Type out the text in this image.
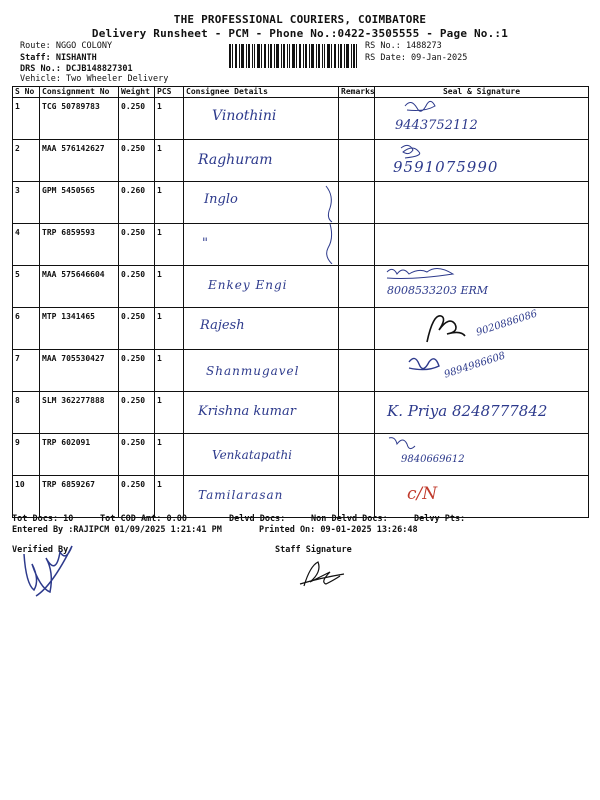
THE PROFESSIONAL COURIERS, COIMBATORE
Delivery Runsheet - PCM - Phone No.:0422-3505555 - Page No.:1
Route: NGGO COLONY
Staff: NISHANTH
DRS No.: DCJB148827301
Vehicle: Two Wheeler Delivery
RS No.: 1488273
RS Date: 09-Jan-2025
S No	Consignment No	Weight	PCS	Consignee Details	Remarks	Seal & Signature
1	TCG 50789783	0.250	1	Vinothini		9443752112

2	MAA 576142627	0.250	1	Raghuram		9591075990

3	GPM 5450565	0.260	1	Inglo		

4	TRP 6859593	0.250	1	"		

5	MAA 575646604	0.250	1	Enkey Engi		8008533203 ERM

6	MTP 1341465	0.250	1	Rajesh		9020886086

7	MAA 705530427	0.250	1	Shanmugavel		9894986608

8	SLM 362277888	0.250	1	Krishna kumar		K. Priya 8248777842

9	TRP 602091	0.250	1	Venkatapathi		9840669612

10	TRP 6859267	0.250	1	Tamilarasan		c/N
Tot Docs: 10	Tot COD Amt: 0.00	Delvd Docs:	Non Delvd Docs:	Delvy Pts:
Entered By :RAJIPCM 01/09/2025 1:21:41 PM	Printed On: 09-01-2025 13:26:48
Verified By	Staff Signature
